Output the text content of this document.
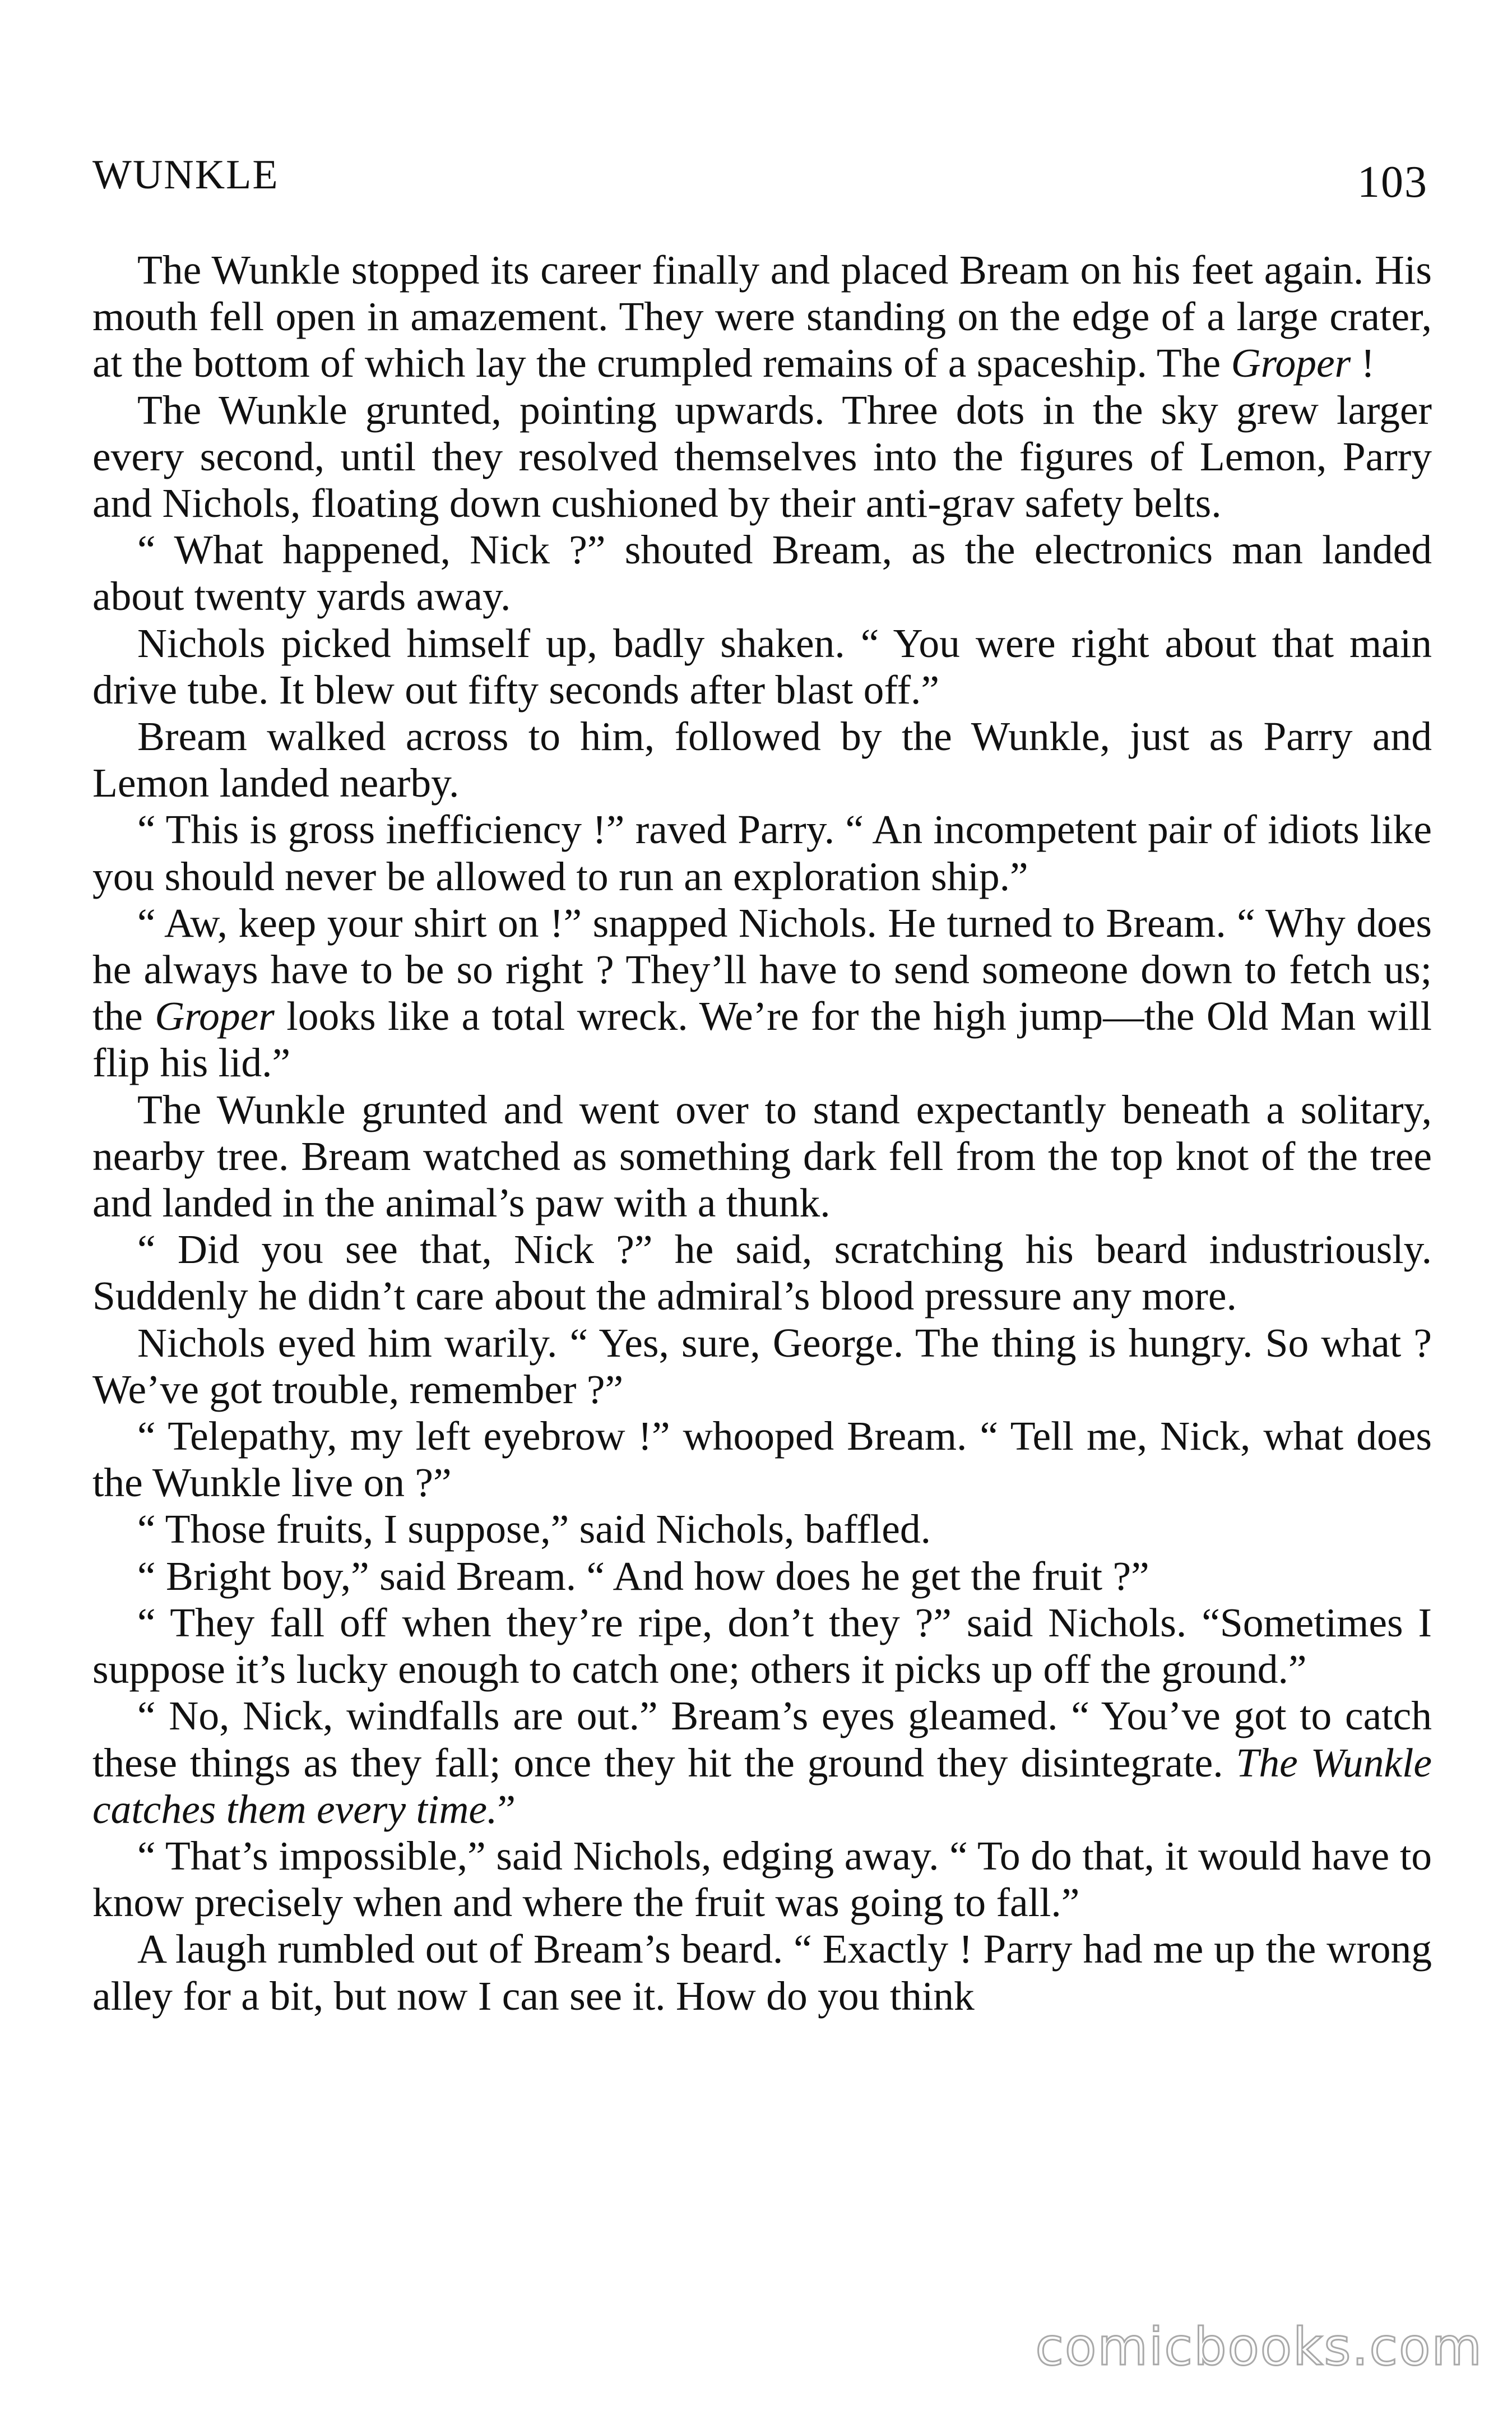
WUNKLE	103

The Wunkle stopped its career finally and placed Bream on his feet again. His mouth fell open in amazement. They were standing on the edge of a large crater, at the bottom of which lay the crumpled remains of a spaceship. The Groper !

The Wunkle grunted, pointing upwards. Three dots in the sky grew larger every second, until they resolved themselves into the figures of Lemon, Parry and Nichols, floating down cushioned by their anti-grav safety belts.

“ What happened, Nick ?” shouted Bream, as the electronics man landed about twenty yards away.

Nichols picked himself up, badly shaken. “ You were right about that main drive tube. It blew out fifty seconds after blast off.”

Bream walked across to him, followed by the Wunkle, just as Parry and Lemon landed nearby.

“ This is gross inefficiency !” raved Parry. “ An incompetent pair of idiots like you should never be allowed to run an exploration ship.”

“ Aw, keep your shirt on !” snapped Nichols. He turned to Bream. “ Why does he always have to be so right ? They’ll have to send someone down to fetch us; the Groper looks like a total wreck. We’re for the high jump—the Old Man will flip his lid.”

The Wunkle grunted and went over to stand expectantly beneath a solitary, nearby tree. Bream watched as something dark fell from the top knot of the tree and landed in the animal’s paw with a thunk.

“ Did you see that, Nick ?” he said, scratching his beard industriously. Suddenly he didn’t care about the admiral’s blood pressure any more.

Nichols eyed him warily. “ Yes, sure, George. The thing is hungry. So what ? We’ve got trouble, remember ?”

“ Telepathy, my left eyebrow !” whooped Bream. “ Tell me, Nick, what does the Wunkle live on ?”

“ Those fruits, I suppose,” said Nichols, baffled.

“ Bright boy,” said Bream. “ And how does he get the fruit ?”

“ They fall off when they’re ripe, don’t they ?” said Nichols. “Sometimes I suppose it’s lucky enough to catch one; others it picks up off the ground.”

“ No, Nick, windfalls are out.” Bream’s eyes gleamed. “ You’ve got to catch these things as they fall; once they hit the ground they disintegrate. The Wunkle catches them every time.”

“ That’s impossible,” said Nichols, edging away. “ To do that, it would have to know precisely when and where the fruit was going to fall.”

A laugh rumbled out of Bream’s beard. “ Exactly ! Parry had me up the wrong alley for a bit, but now I can see it. How do you think

comicbooks.com
